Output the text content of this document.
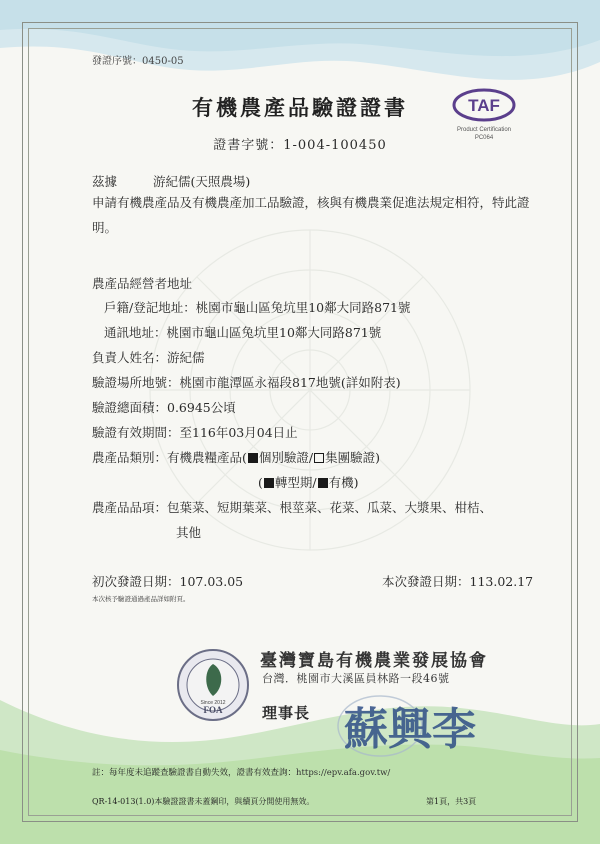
發證序號：0450-05
有機農產品驗證證書
證書字號：1-004-100450
TAF
Product Certification
PC064
茲據	游紀儒(天照農場)
申請有機農產品及有機農產加工品驗證，核與有機農業促進法規定相符，特此證明。
農產品經營者地址
戶籍/登記地址：桃園市龜山區兔坑里10鄰大同路871號
通訊地址：桃園市龜山區兔坑里10鄰大同路871號
負責人姓名：游紀儒
驗證場所地號：桃園市龍潭區永福段817地號(詳如附表)
驗證總面積：0.6945公頃
驗證有效期間：至116年03月04日止
農產品類別：有機農糧產品( 個別驗證/ 集團驗證)
( 轉型期/ 有機)
農產品品項：包葉菜、短期葉菜、根莖菜、花菜、瓜菜、大漿果、柑桔、
其他
初次發證日期：107.03.05	本次發證日期：113.02.17
本次核予驗證通過產品詳如附頁。
Since 2012
FOA
臺灣寶島有機農業發展協會
台灣．桃園市大溪區員林路一段46號
理事長 蘇興李
註：每年度未追蹤查驗證書自動失效，證書有效查詢：https://epv.afa.gov.tw/
QR-14-013(1.0)本驗證證書未蓋鋼印，與續頁分開使用無效。	第1頁，共3頁
